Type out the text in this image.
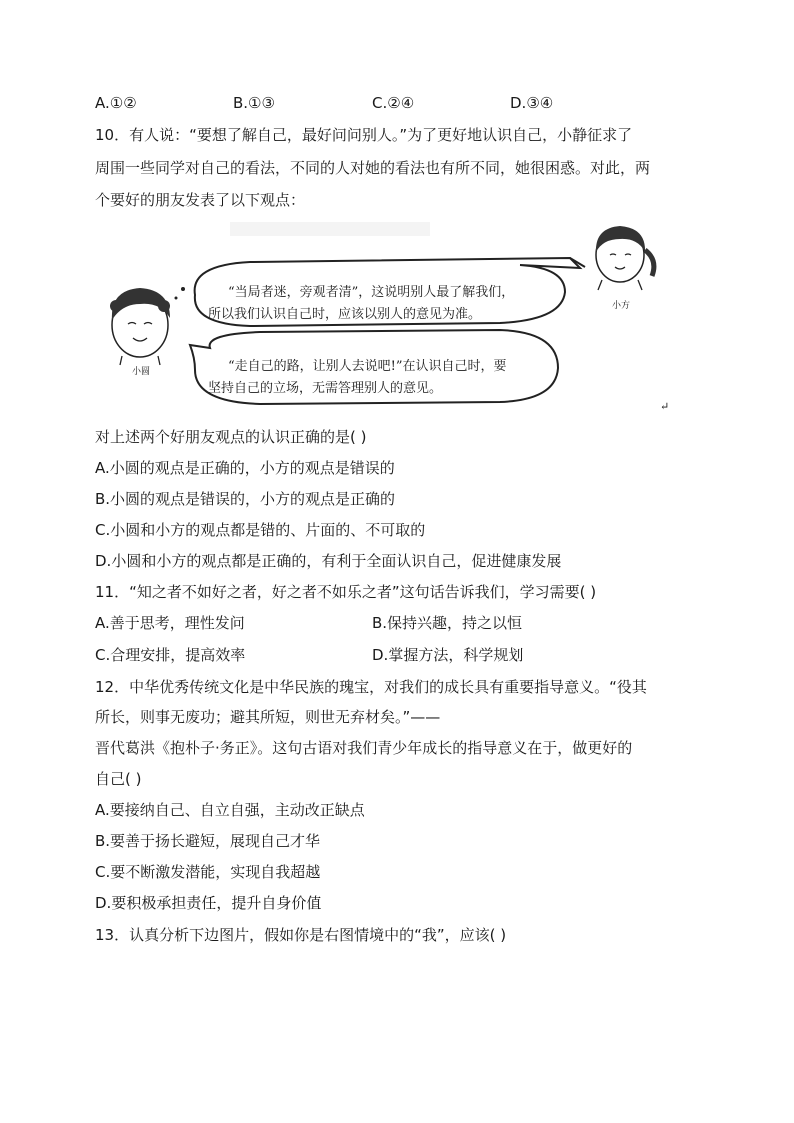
A.①②	B.①③	C.②④	D.③④
10．有人说：“要想了解自己，最好问问别人。”为了更好地认识自己，小静征求了
周围一些同学对自己的看法，不同的人对她的看法也有所不同，她很困惑。对此，两
个要好的朋友发表了以下观点：
“当局者迷，旁观者清”，这说明别人最了解我们，
所以我们认识自己时，应该以别人的意见为准。
“走自己的路，让别人去说吧!”在认识自己时，要
坚持自己的立场，无需答理别人的意见。
小圆
小方
↵
对上述两个好朋友观点的认识正确的是( )
A.小圆的观点是正确的，小方的观点是错误的
B.小圆的观点是错误的，小方的观点是正确的
C.小圆和小方的观点都是错的、片面的、不可取的
D.小圆和小方的观点都是正确的，有利于全面认识自己，促进健康发展
11．“知之者不如好之者，好之者不如乐之者”这句话告诉我们，学习需要( )
A.善于思考，理性发问	B.保持兴趣，持之以恒
C.合理安排，提高效率	D.掌握方法，科学规划
12．中华优秀传统文化是中华民族的瑰宝，对我们的成长具有重要指导意义。“役其
所长，则事无废功；避其所短，则世无弃材矣。”——
晋代葛洪《抱朴子·务正》。这句古语对我们青少年成长的指导意义在于，做更好的
自己( )
A.要接纳自己、自立自强，主动改正缺点
B.要善于扬长避短，展现自己才华
C.要不断激发潜能，实现自我超越
D.要积极承担责任，提升自身价值
13．认真分析下边图片，假如你是右图情境中的“我”，应该( )
